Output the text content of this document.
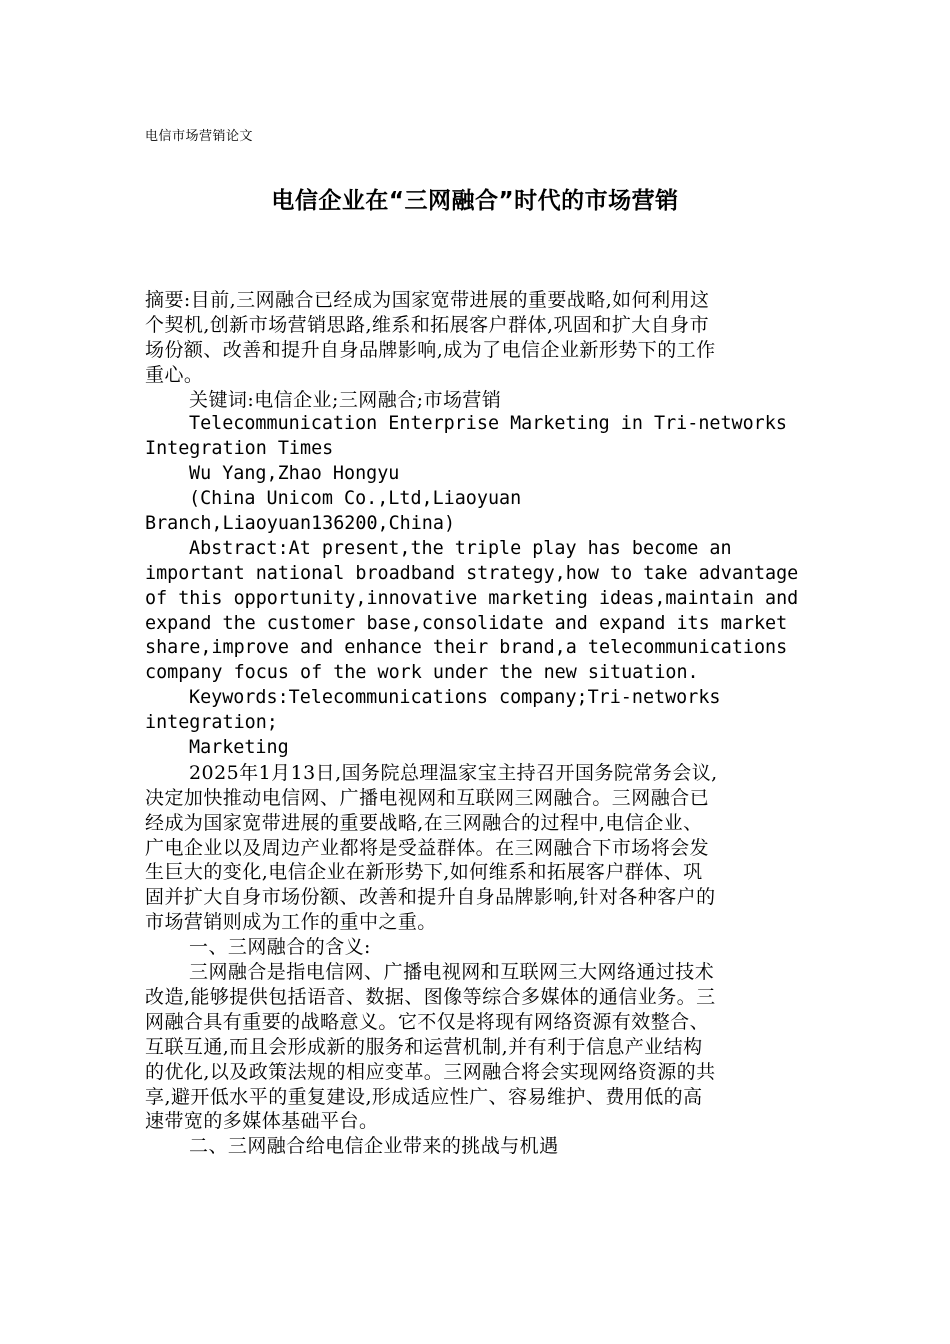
电信市场营销论文
电信企业在“三网融合”时代的市场营销
摘要:目前,三网融合已经成为国家宽带进展的重要战略,如何利用这
个契机,创新市场营销思路,维系和拓展客户群体,巩固和扩大自身市
场份额、改善和提升自身品牌影响,成为了电信企业新形势下的工作
重心。
关键词:电信企业;三网融合;市场营销
Telecommunication Enterprise Marketing in Tri-networks
Integration Times
Wu Yang,Zhao Hongyu
(China Unicom Co.,Ltd,Liaoyuan
Branch,Liaoyuan136200,China)
Abstract:At present,the triple play has become an
important national broadband strategy,how to take advantage
of this opportunity,innovative marketing ideas,maintain and
expand the customer base,consolidate and expand its market
share,improve and enhance their brand,a telecommunications
company focus of the work under the new situation.
Keywords:Telecommunications company;Tri-networks
integration;
Marketing
2025年1月13日,国务院总理温家宝主持召开国务院常务会议,
决定加快推动电信网、广播电视网和互联网三网融合。三网融合已
经成为国家宽带进展的重要战略,在三网融合的过程中,电信企业、
广电企业以及周边产业都将是受益群体。在三网融合下市场将会发
生巨大的变化,电信企业在新形势下,如何维系和拓展客户群体、巩
固并扩大自身市场份额、改善和提升自身品牌影响,针对各种客户的
市场营销则成为工作的重中之重。
一、三网融合的含义:
三网融合是指电信网、广播电视网和互联网三大网络通过技术
改造,能够提供包括语音、数据、图像等综合多媒体的通信业务。三
网融合具有重要的战略意义。它不仅是将现有网络资源有效整合、
互联互通,而且会形成新的服务和运营机制,并有利于信息产业结构
的优化,以及政策法规的相应变革。三网融合将会实现网络资源的共
享,避开低水平的重复建设,形成适应性广、容易维护、费用低的高
速带宽的多媒体基础平台。
二、三网融合给电信企业带来的挑战与机遇
